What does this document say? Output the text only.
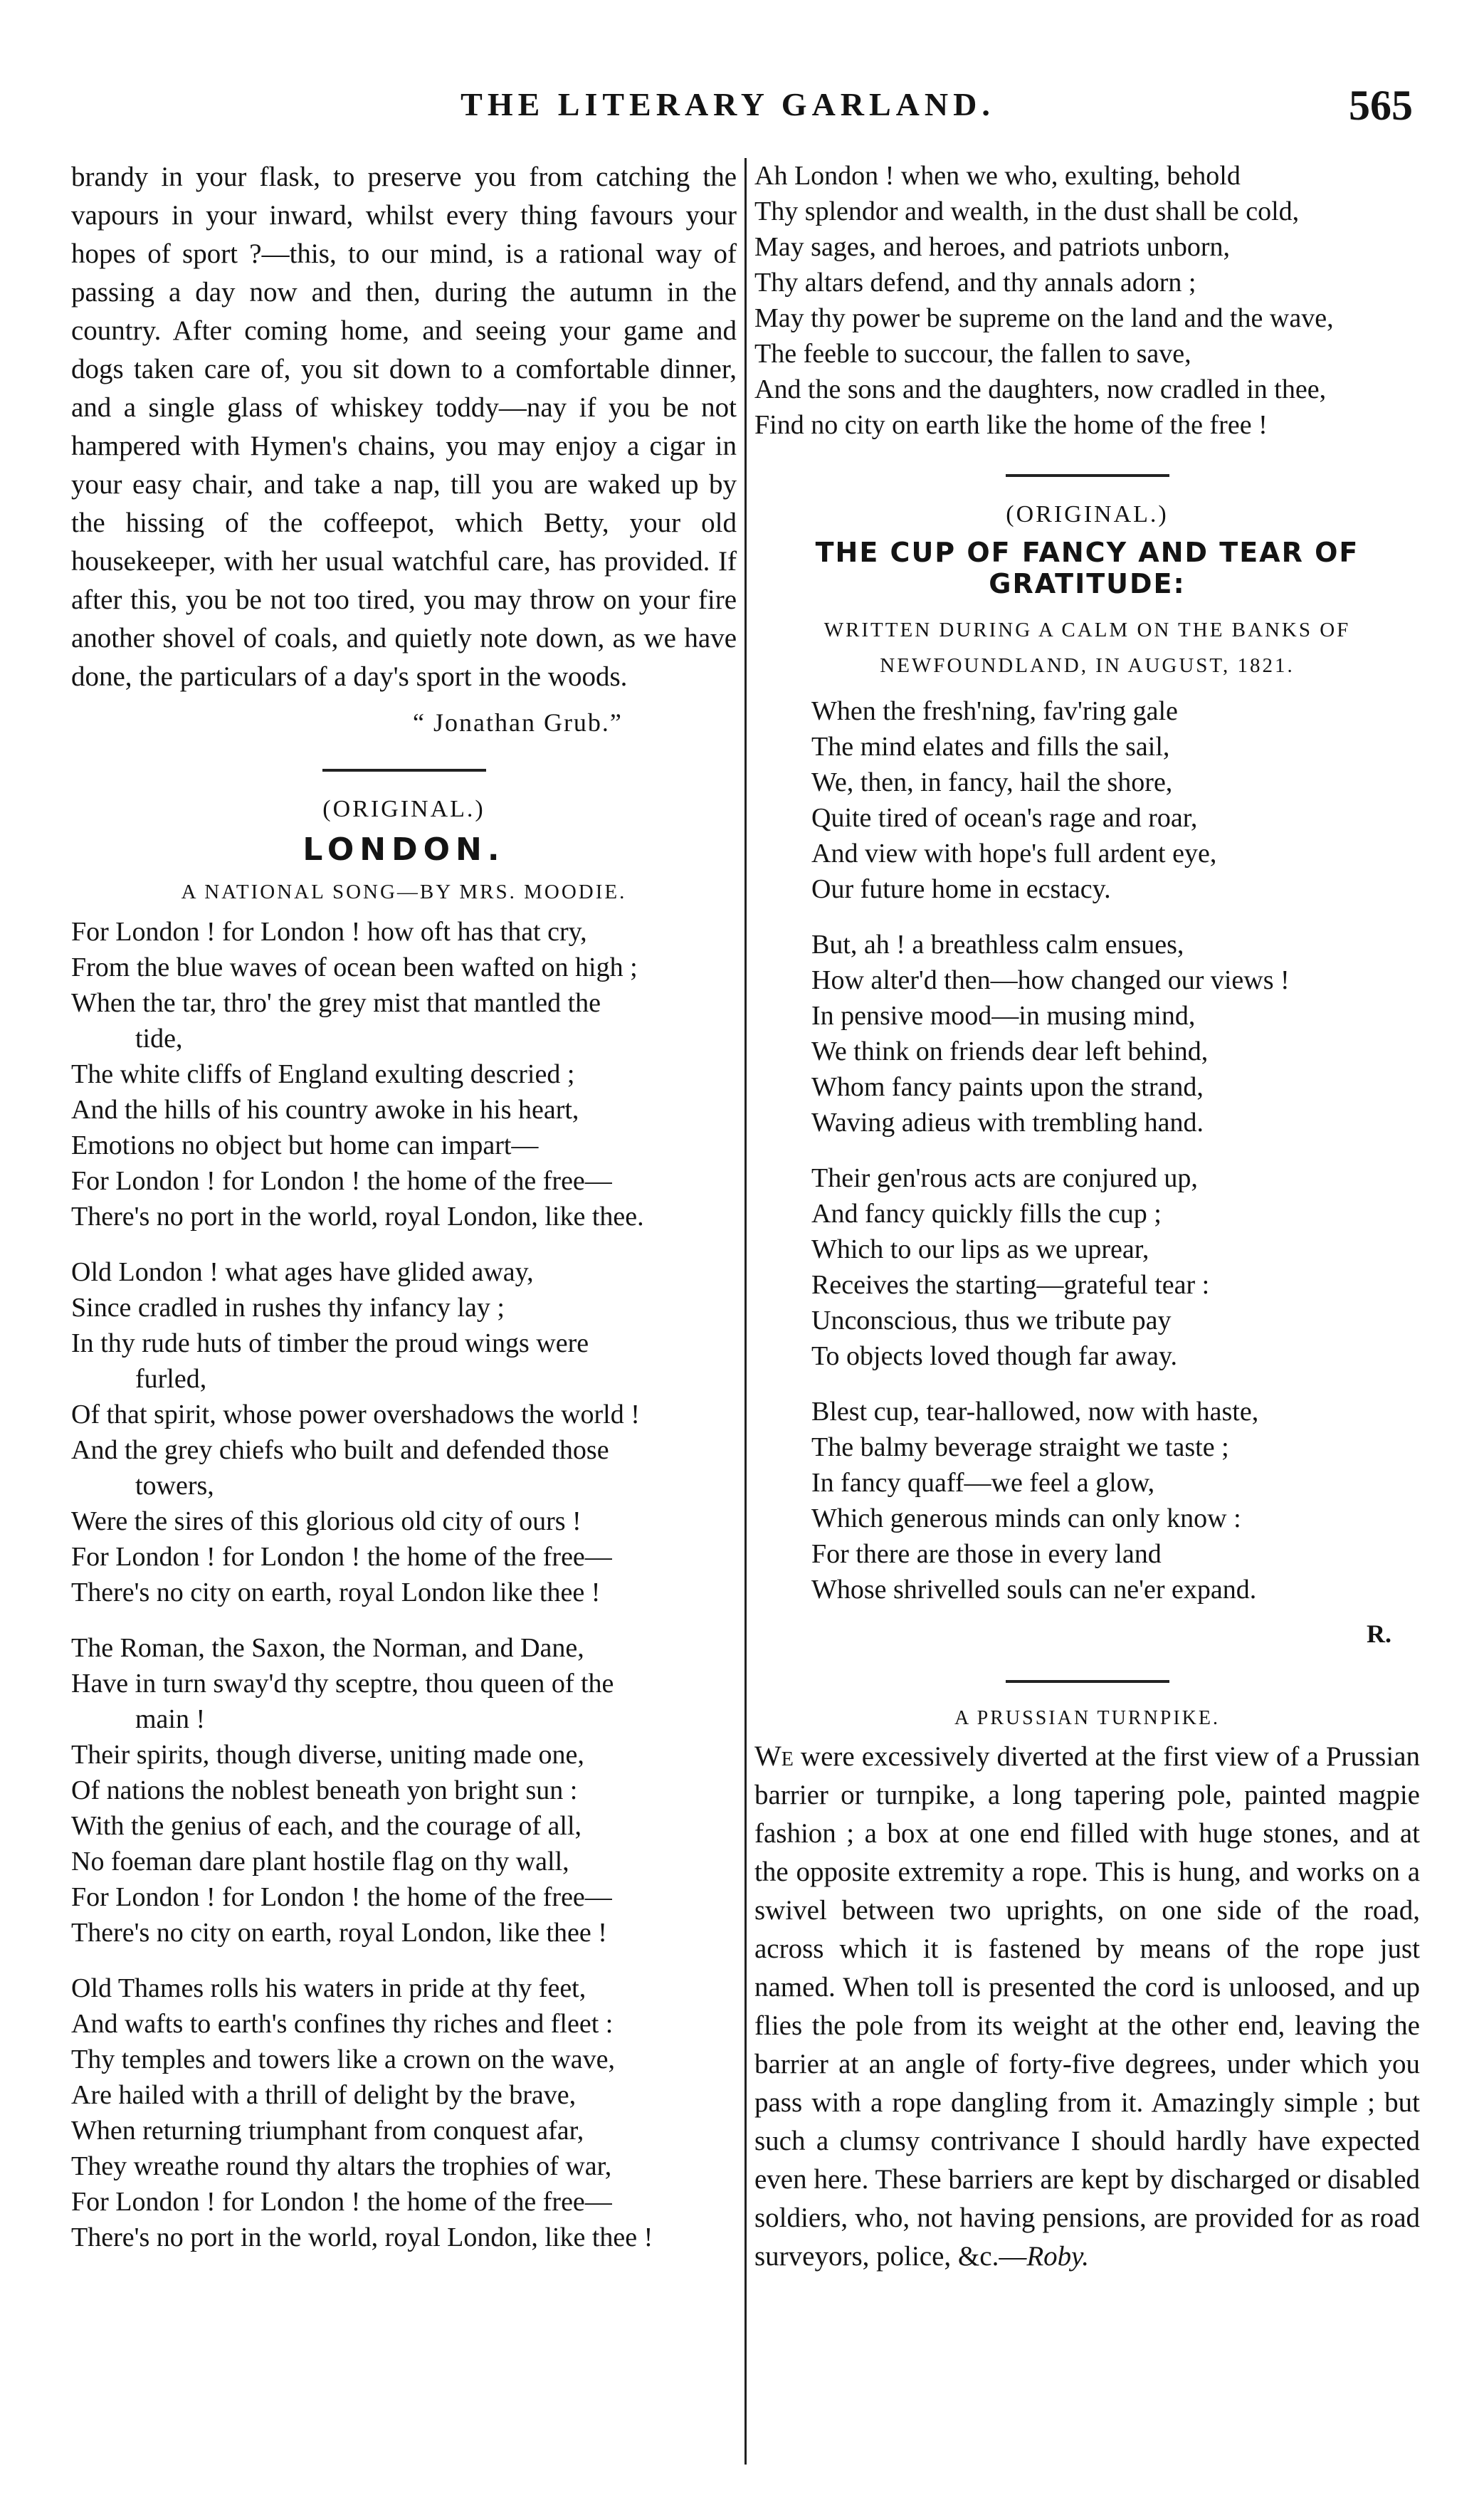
THE LITERARY GARLAND.	565

brandy in your flask, to preserve you from catching the vapours in your inward, whilst every thing favours your hopes of sport ?—this, to our mind, is a rational way of passing a day now and then, during the autumn in the country. After coming home, and seeing your game and dogs taken care of, you sit down to a comfortable dinner, and a single glass of whiskey toddy—nay if you be not hampered with Hymen's chains, you may enjoy a cigar in your easy chair, and take a nap, till you are waked up by the hissing of the coffeepot, which Betty, your old housekeeper, with her usual watchful care, has provided. If after this, you be not too tired, you may throw on your fire another shovel of coals, and quietly note down, as we have done, the particulars of a day's sport in the woods.

“ Jonathan Grub.”
(ORIGINAL.)
LONDON.
A NATIONAL SONG—BY MRS. MOODIE.

For London ! for London ! how oft has that cry,

From the blue waves of ocean been wafted on high ;

When the tar, thro' the grey mist that mantled the

tide,

The white cliffs of England exulting descried ;

And the hills of his country awoke in his heart,

Emotions no object but home can impart—

For London ! for London ! the home of the free—

There's no port in the world, royal London, like thee.

Old London ! what ages have glided away,

Since cradled in rushes thy infancy lay ;

In thy rude huts of timber the proud wings were

furled,

Of that spirit, whose power overshadows the world !

And the grey chiefs who built and defended those

towers,

Were the sires of this glorious old city of ours !

For London ! for London ! the home of the free—

There's no city on earth, royal London like thee !

The Roman, the Saxon, the Norman, and Dane,

Have in turn sway'd thy sceptre, thou queen of the

main !

Their spirits, though diverse, uniting made one,

Of nations the noblest beneath yon bright sun :

With the genius of each, and the courage of all,

No foeman dare plant hostile flag on thy wall,

For London ! for London ! the home of the free—

There's no city on earth, royal London, like thee !

Old Thames rolls his waters in pride at thy feet,

And wafts to earth's confines thy riches and fleet :

Thy temples and towers like a crown on the wave,

Are hailed with a thrill of delight by the brave,

When returning triumphant from conquest afar,

They wreathe round thy altars the trophies of war,

For London ! for London ! the home of the free—

There's no port in the world, royal London, like thee !

Ah London ! when we who, exulting, behold

Thy splendor and wealth, in the dust shall be cold,

May sages, and heroes, and patriots unborn,

Thy altars defend, and thy annals adorn ;

May thy power be supreme on the land and the wave,

The feeble to succour, the fallen to save,

And the sons and the daughters, now cradled in thee,

Find no city on earth like the home of the free !

(ORIGINAL.)
THE CUP OF FANCY AND TEAR OF GRATITUDE:
WRITTEN DURING A CALM ON THE BANKS OF
NEWFOUNDLAND, IN AUGUST, 1821.

When the fresh'ning, fav'ring gale

The mind elates and fills the sail,

We, then, in fancy, hail the shore,

Quite tired of ocean's rage and roar,

And view with hope's full ardent eye,

Our future home in ecstacy.

But, ah ! a breathless calm ensues,

How alter'd then—how changed our views !

In pensive mood—in musing mind,

We think on friends dear left behind,

Whom fancy paints upon the strand,

Waving adieus with trembling hand.

Their gen'rous acts are conjured up,

And fancy quickly fills the cup ;

Which to our lips as we uprear,

Receives the starting—grateful tear :

Unconscious, thus we tribute pay

To objects loved though far away.

Blest cup, tear-hallowed, now with haste,

The balmy beverage straight we taste ;

In fancy quaff—we feel a glow,

Which generous minds can only know :

For there are those in every land

Whose shrivelled souls can ne'er expand.

R.
A PRUSSIAN TURNPIKE.

We were excessively diverted at the first view of a Prussian barrier or turnpike, a long tapering pole, painted magpie fashion ; a box at one end filled with huge stones, and at the opposite extremity a rope. This is hung, and works on a swivel between two uprights, on one side of the road, across which it is fastened by means of the rope just named. When toll is presented the cord is unloosed, and up flies the pole from its weight at the other end, leaving the barrier at an angle of forty-five degrees, under which you pass with a rope dangling from it. Amazingly simple ; but such a clumsy contrivance I should hardly have expected even here. These barriers are kept by discharged or disabled soldiers, who, not having pensions, are provided for as road surveyors, police, &c.—Roby.
